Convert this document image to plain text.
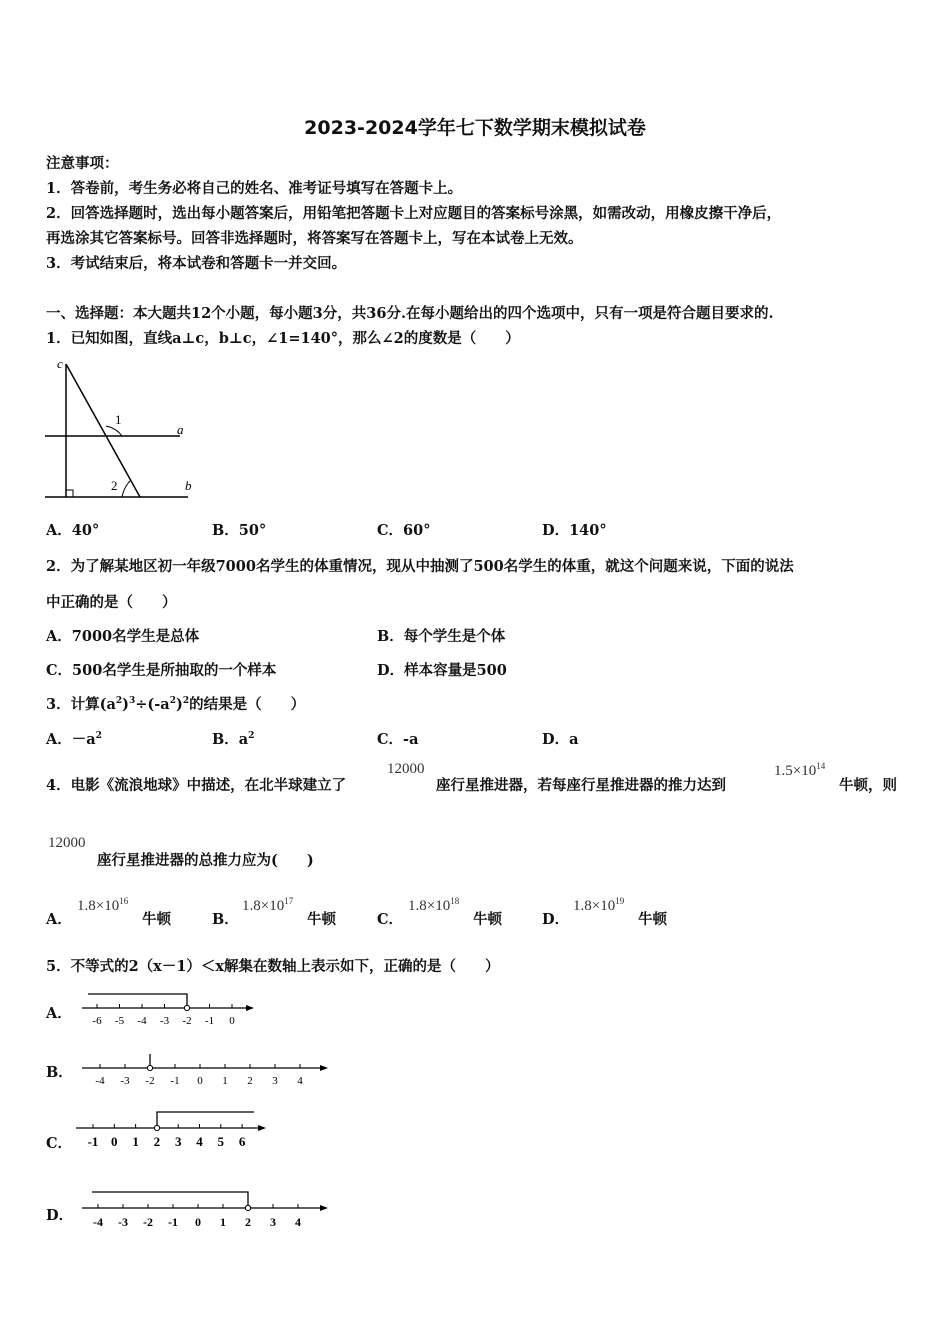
2023-2024学年七下数学期末模拟试卷
注意事项：
1．答卷前，考生务必将自己的姓名、准考证号填写在答题卡上。
2．回答选择题时，选出每小题答案后，用铅笔把答题卡上对应题目的答案标号涂黑，如需改动，用橡皮擦干净后，
再选涂其它答案标号。回答非选择题时，将答案写在答题卡上，写在本试卷上无效。
3．考试结束后，将本试卷和答题卡一并交回。
一、选择题：本大题共12个小题，每小题3分，共36分.在每小题给出的四个选项中，只有一项是符合题目要求的.
1．已知如图，直线a⊥c，b⊥c，∠1=140°，那么∠2的度数是（　　）
c
a
b
1
2
A．40°	B．50°	C．60°	D．140°
2．为了解某地区初一年级7000名学生的体重情况，现从中抽测了500名学生的体重，就这个问题来说，下面的说法
中正确的是（　　）
A．7000名学生是总体	B．每个学生是个体
C．500名学生是所抽取的一个样本	D．样本容量是500
3．计算$(a^2)^3\div(-a^2)^2$的结果是（　　）
A．$-a^2$	B．$a^2$	C．-a	D．a
4．电影《流浪地球》中描述，在北半球建立了
12000
座行星推进器，若每座行星推进器的推力达到
$1.5\times 10^{14}$
牛顿，则
12000
座行星推进器的总推力应为(　　)
A．
$1.8\times 10^{16}$
牛顿	B．
$1.8\times 10^{17}$
牛顿	C．
$1.8\times 10^{18}$
牛顿	D．
$1.8\times 10^{19}$
牛顿
5．不等式的2（x－1）＜x解集在数轴上表示如下，正确的是（　　）
A． -6 -5 -4 -3 -2 -1 0
B． -4 -3 -2 -1 0 1 2 3 4
C． -1 0 1 2 3 4 5 6
D． -4 -3 -2 -1 0 1 2 3 4
